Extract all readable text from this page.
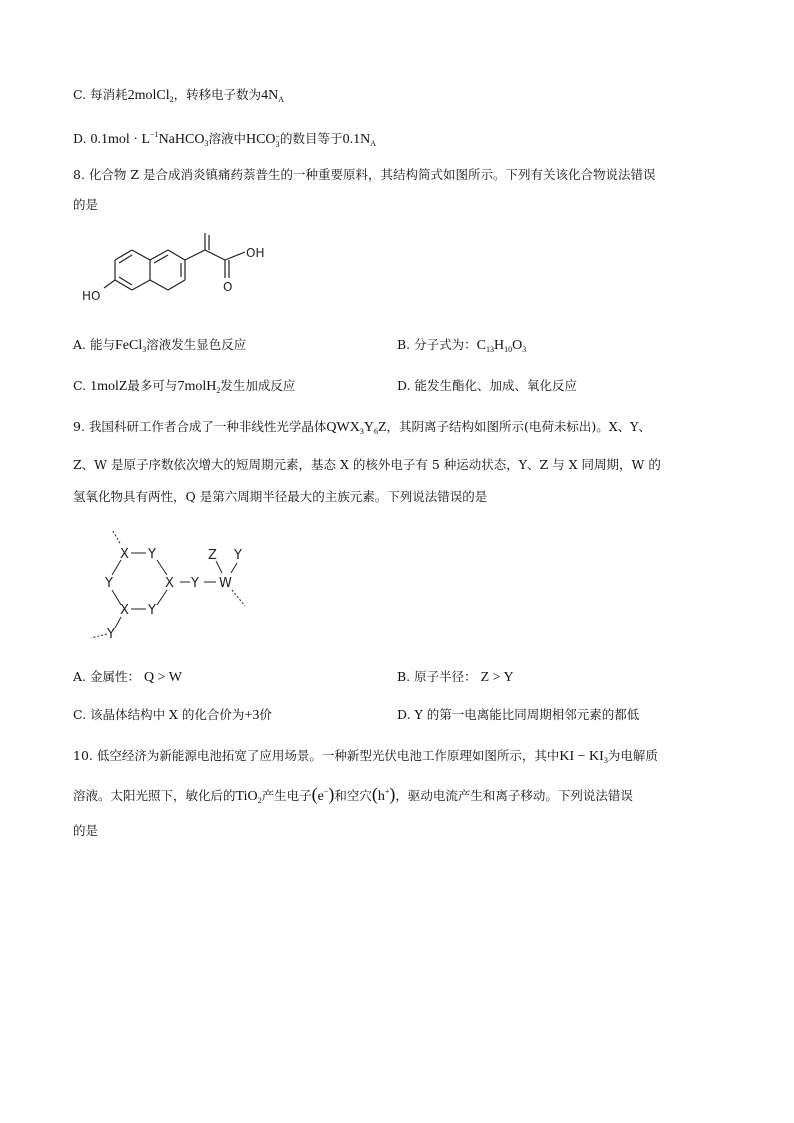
C. 每消耗2molCl$_2$，转移电子数为$4N_A$
D. $0.1mol \cdot L^{-1}NaHCO_3$溶液中HCO −
3 的数目等于$0.1N_A$
8. 化合物 Z 是合成消炎镇痛药萘普生的一种重要原料，其结构简式如图所示。下列有关该化合物说法错误
的是
HO
OH
O
A. 能与FeCl$_3$溶液发生显色反应	B. 分子式为：$C_{13}H_{10}O_3$
C. 1molZ最多可与7molH$_2$发生加成反应	D. 能发生酯化、加成、氧化反应
9. 我国科研工作者合成了一种非线性光学晶体$QWX_3Y_6Z$，其阴离子结构如图所示(电荷未标出)。X、Y、
Z、W 是原子序数依次增大的短周期元素，基态 X 的核外电子有 5 种运动状态，Y、Z 与 X 同周期，W 的
氢氧化物具有两性，Q 是第六周期半径最大的主族元素。下列说法错误的是
X Y
Y	X Y W
Z Y
X Y
Y
A. 金属性： Q > W	B. 原子半径： Z > Y
C. 该晶体结构中 X 的化合价为+3价	D. Y 的第一电离能比同周期相邻元素的都低
10. 低空经济为新能源电池拓宽了应用场景。一种新型光伏电池工作原理如图所示，其中KI − $KI_3$为电解质
溶液。太阳光照下，敏化后的TiO$_2$产生电子(e−)和空穴(h+)，驱动电流产生和离子移动。下列说法错误
的是
